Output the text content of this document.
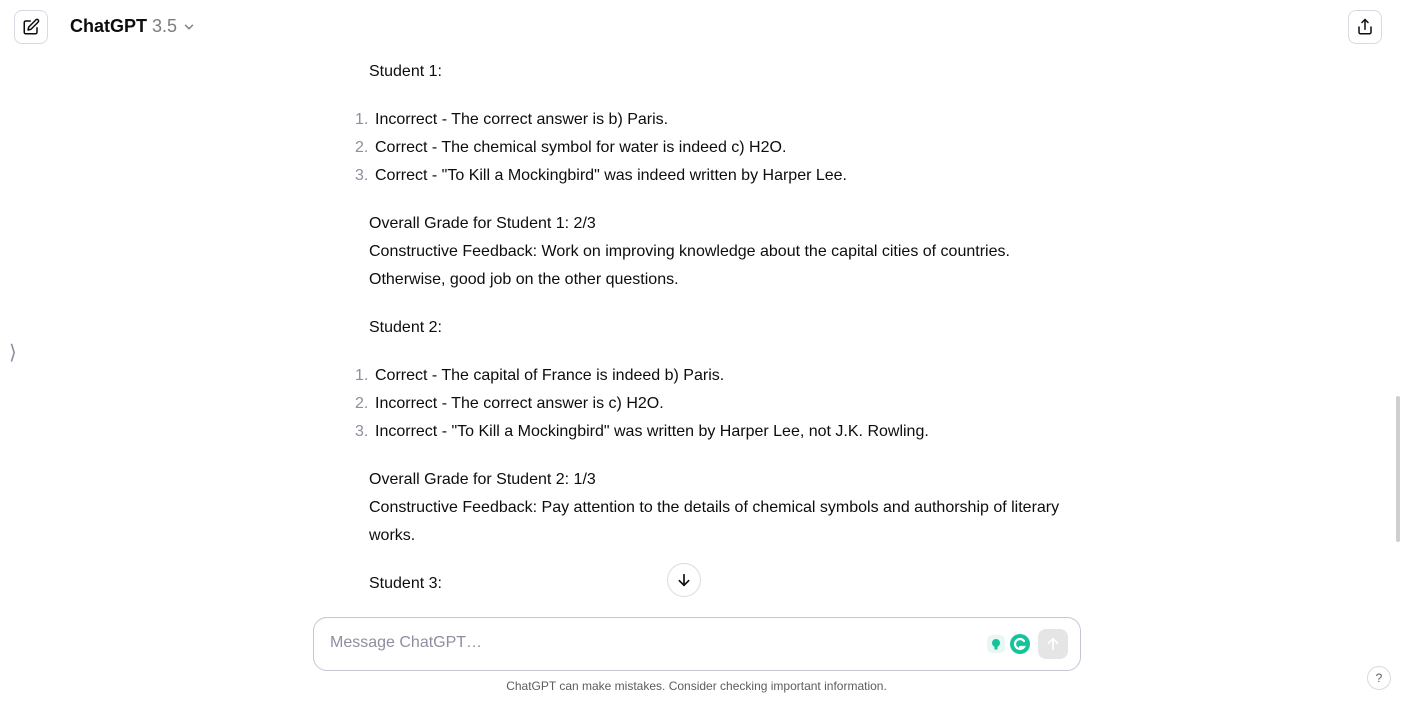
ChatGPT 3.5
⟩

Student 1:

1. Incorrect - The correct answer is b) Paris.
2. Correct - The chemical symbol for water is indeed c) H2O.
3. Correct - "To Kill a Mockingbird" was indeed written by Harper Lee.

Overall Grade for Student 1: 2/3

Constructive Feedback: Work on improving knowledge about the capital cities of countries. Otherwise, good job on the other questions.

Student 2:

1. Correct - The capital of France is indeed b) Paris.
2. Incorrect - The correct answer is c) H2O.
3. Incorrect - "To Kill a Mockingbird" was written by Harper Lee, not J.K. Rowling.

Overall Grade for Student 2: 1/3

Constructive Feedback: Pay attention to the details of chemical symbols and authorship of literary works.

Student 3:

Message ChatGPT…
ChatGPT can make mistakes. Consider checking important information.
?
